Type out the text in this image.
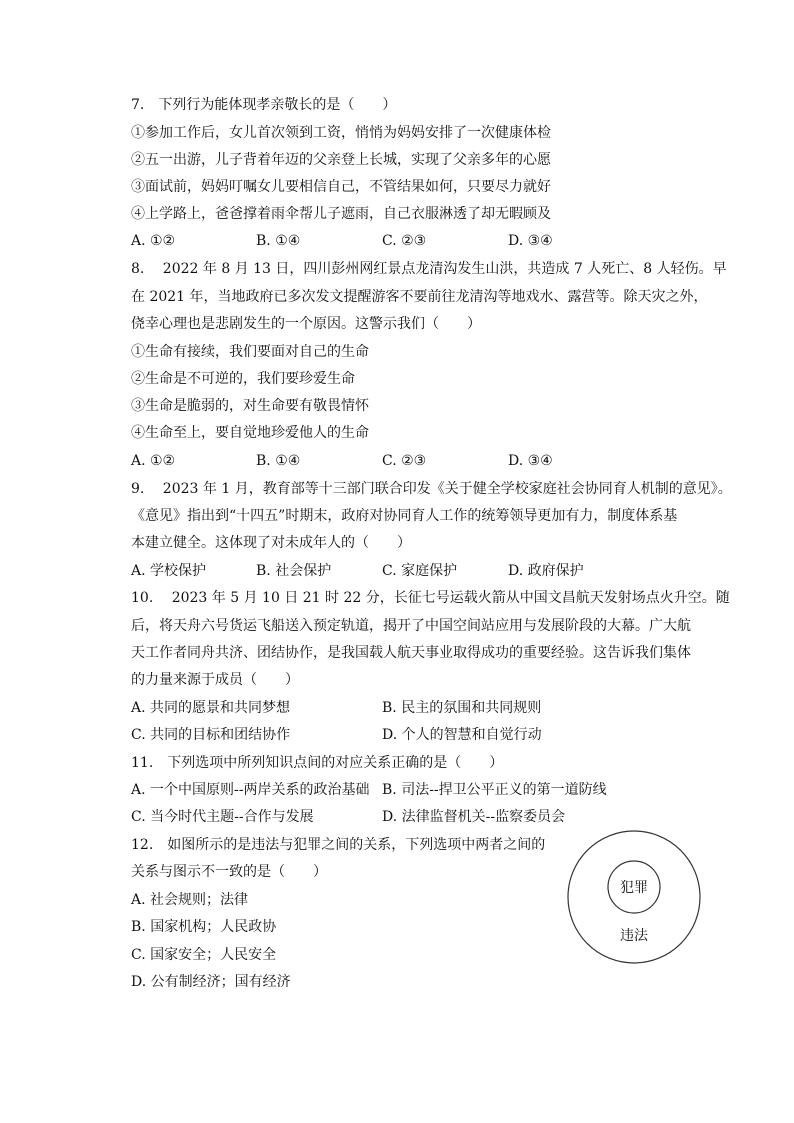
7.　下列行为能体现孝亲敬长的是（　　）
①参加工作后，女儿首次领到工资，悄悄为妈妈安排了一次健康体检
②五一出游，儿子背着年迈的父亲登上长城，实现了父亲多年的心愿
③面试前，妈妈叮嘱女儿要相信自己，不管结果如何，只要尽力就好
④上学路上，爸爸撑着雨伞帮儿子遮雨，自己衣服淋透了却无暇顾及
A. ①②	B. ①④	C. ②③	D. ③④
8.　 2022 年 8 月 13 日，四川彭州网红景点龙清沟发生山洪，共造成 7 人死亡、8 人轻伤。早
在 2021 年，当地政府已多次发文提醒游客不要前往龙清沟等地戏水、露营等。除天灾之外，
侥幸心理也是悲剧发生的一个原因。这警示我们（　　）
①生命有接续，我们要面对自己的生命
②生命是不可逆的，我们要珍爱生命
③生命是脆弱的，对生命要有敬畏情怀
④生命至上，要自觉地珍爱他人的生命
A. ①②	B. ①④	C. ②③	D. ③④
9.　 2023 年 1 月，教育部等十三部门联合印发《关于健全学校家庭社会协同育人机制的意见》。
《意见》指出到“十四五”时期末，政府对协同育人工作的统筹领导更加有力，制度体系基
本建立健全。这体现了对未成年人的（　　）
A. 学校保护	B. 社会保护	C. 家庭保护	D. 政府保护
10.　 2023 年 5 月 10 日 21 时 22 分，长征七号运载火箭从中国文昌航天发射场点火升空。随
后，将天舟六号货运飞船送入预定轨道，揭开了中国空间站应用与发展阶段的大幕。广大航
天工作者同舟共济、团结协作，是我国载人航天事业取得成功的重要经验。这告诉我们集体
的力量来源于成员（　　）
A. 共同的愿景和共同梦想	B. 民主的氛围和共同规则
C. 共同的目标和团结协作	D. 个人的智慧和自觉行动
11.　下列选项中所列知识点间的对应关系正确的是（　　）
A. 一个中国原则--两岸关系的政治基础 B. 司法--捍卫公平正义的第一道防线
C. 当今时代主题--合作与发展	D. 法律监督机关--监察委员会
12.　如图所示的是违法与犯罪之间的关系，下列选项中两者之间的
关系与图示不一致的是（　　）
A. 社会规则；法律
B. 国家机构；人民政协
C. 国家安全；人民安全
D. 公有制经济；国有经济
犯罪
违法
